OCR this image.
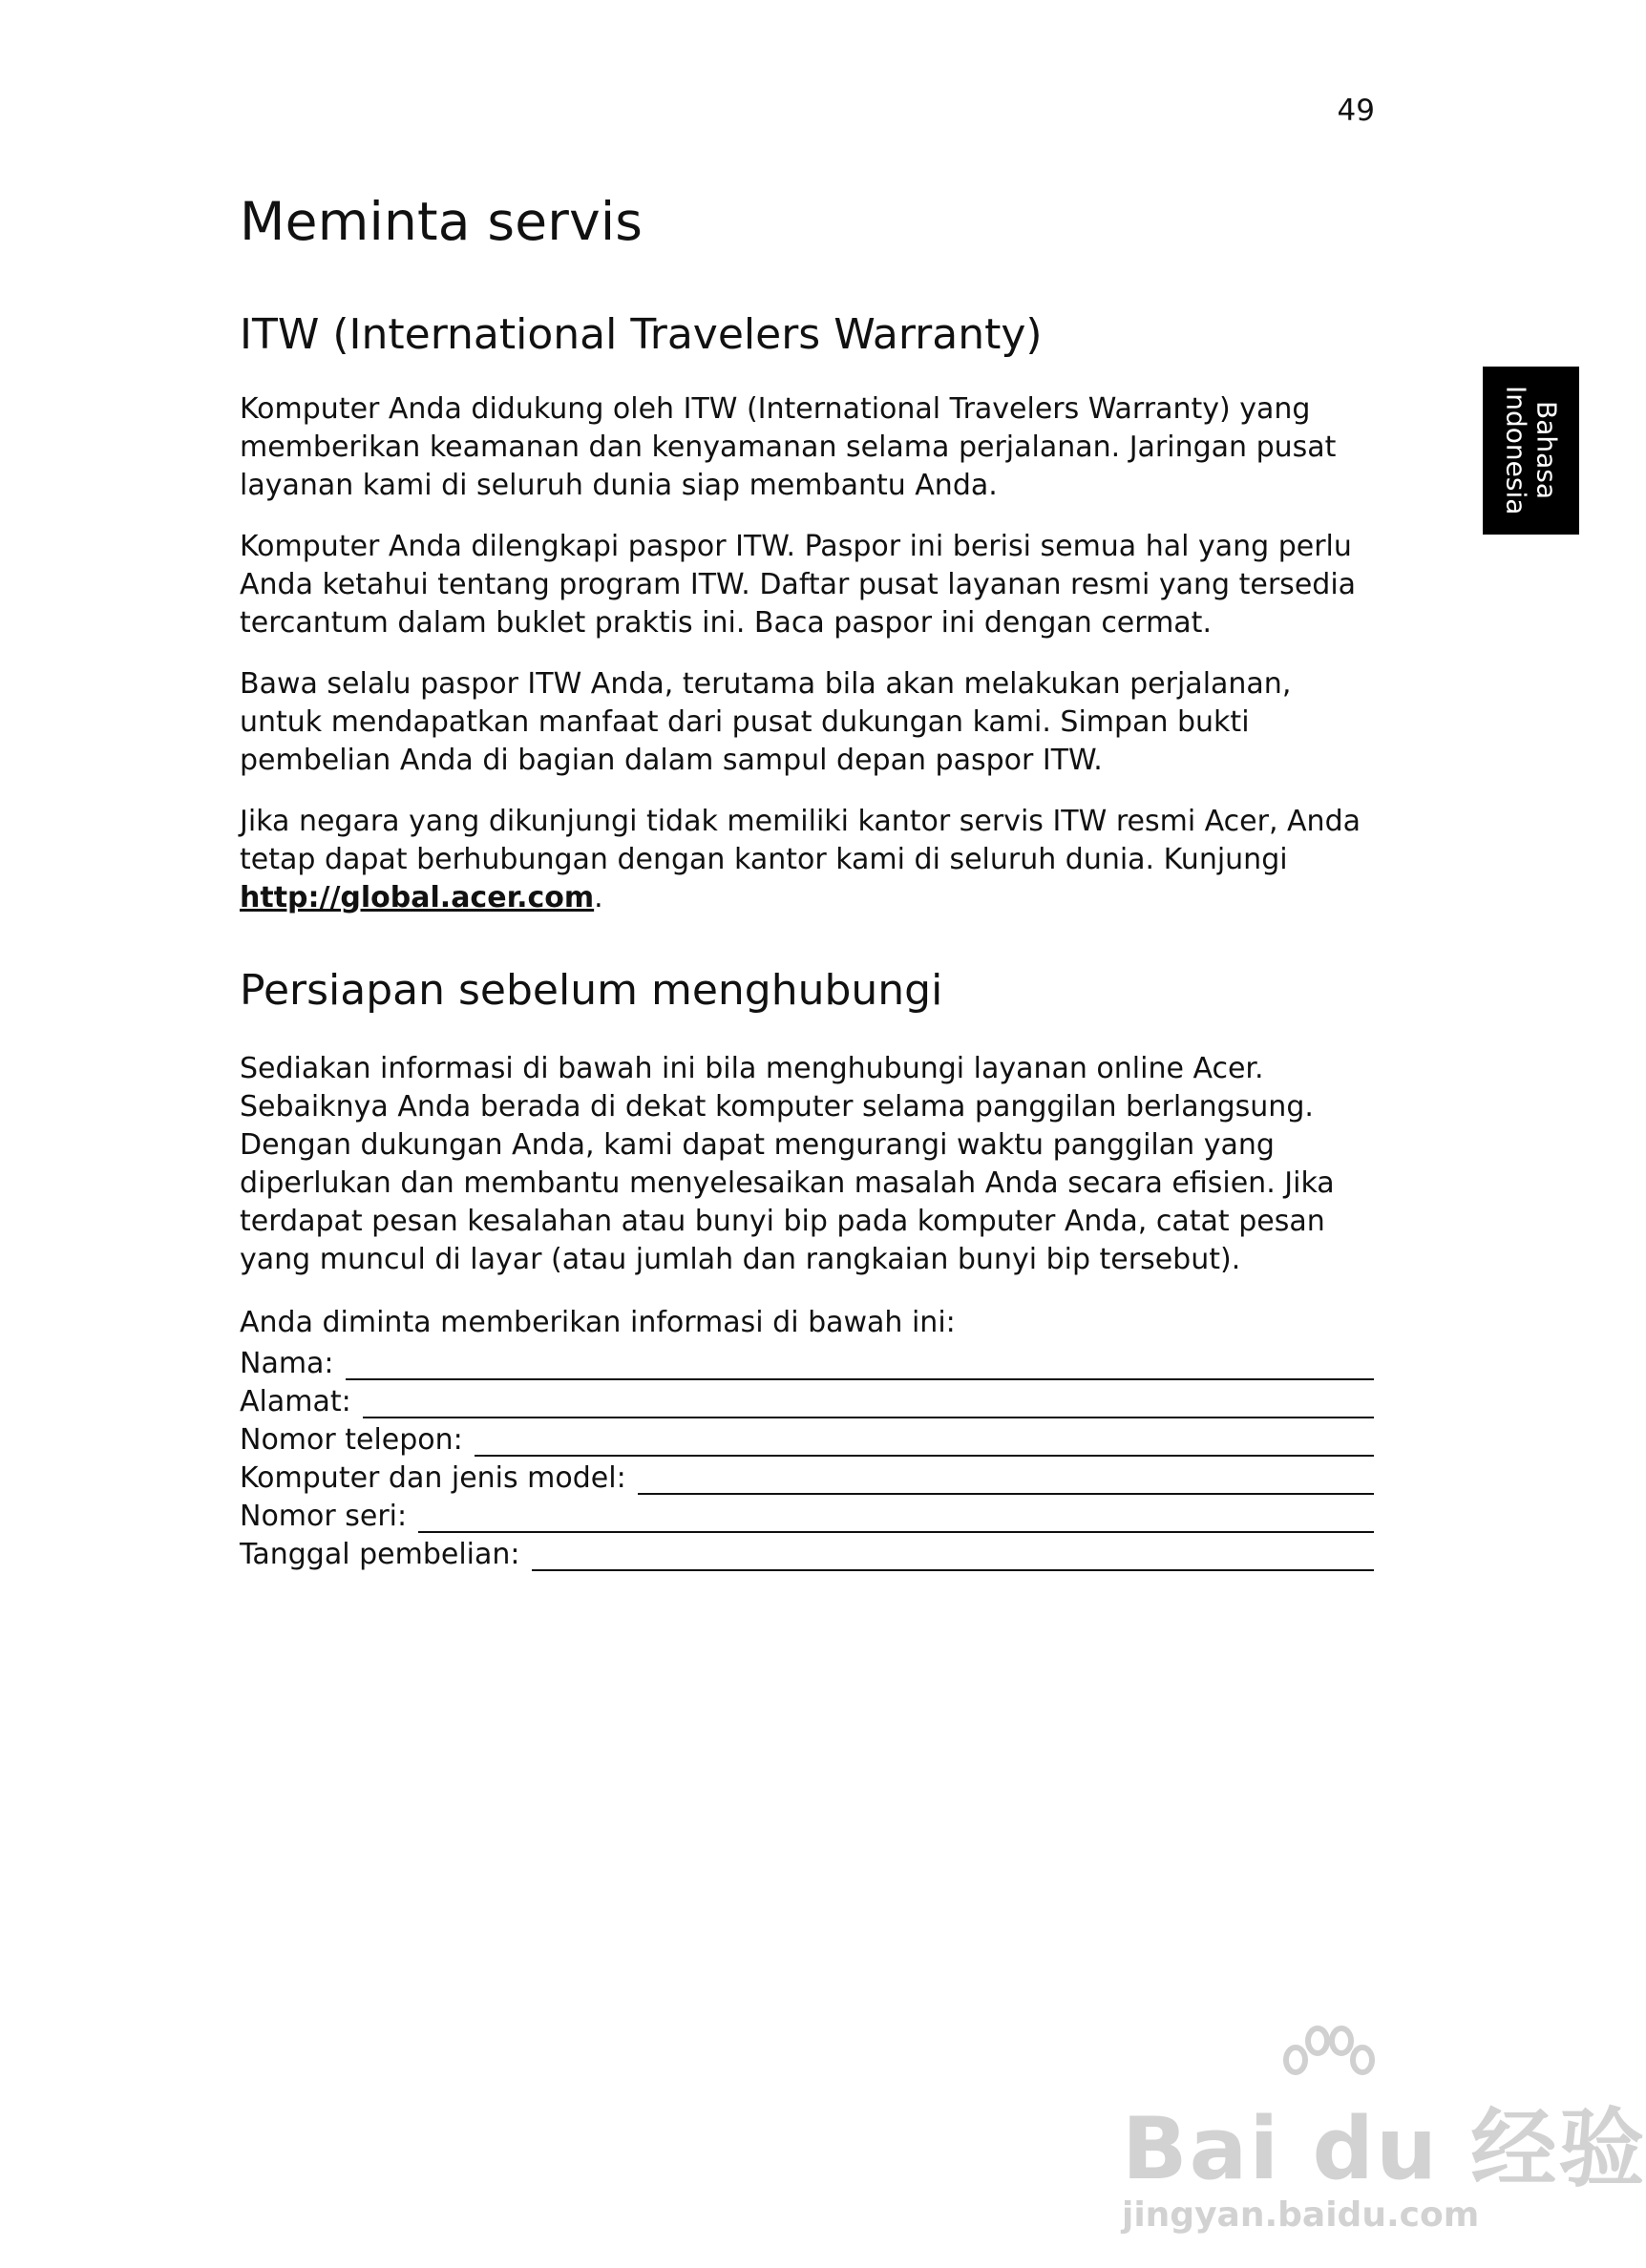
49
Bahasa
Indonesia
Meminta servis
ITW (International Travelers Warranty)

Komputer Anda didukung oleh ITW (International Travelers Warranty) yang memberikan keamanan dan kenyamanan selama perjalanan. Jaringan pusat layanan kami di seluruh dunia siap membantu Anda.

Komputer Anda dilengkapi paspor ITW. Paspor ini berisi semua hal yang perlu Anda ketahui tentang program ITW. Daftar pusat layanan resmi yang tersedia tercantum dalam buklet praktis ini. Baca paspor ini dengan cermat.

Bawa selalu paspor ITW Anda, terutama bila akan melakukan perjalanan, untuk mendapatkan manfaat dari pusat dukungan kami. Simpan bukti pembelian Anda di bagian dalam sampul depan paspor ITW.

Jika negara yang dikunjungi tidak memiliki kantor servis ITW resmi Acer, Anda tetap dapat berhubungan dengan kantor kami di seluruh dunia. Kunjungi http://global.acer.com.

Persiapan sebelum menghubungi

Sediakan informasi di bawah ini bila menghubungi layanan online Acer. Sebaiknya Anda berada di dekat komputer selama panggilan berlangsung. Dengan dukungan Anda, kami dapat mengurangi waktu panggilan yang diperlukan dan membantu menyelesaikan masalah Anda secara efisien. Jika terdapat pesan kesalahan atau bunyi bip pada komputer Anda, catat pesan yang muncul di layar (atau jumlah dan rangkaian bunyi bip tersebut).

Anda diminta memberikan informasi di bawah ini:

Nama:
Alamat:
Nomor telepon:
Komputer dan jenis model:
Nomor seri:
Tanggal pembelian:
Bai du 经验
jingyan.baidu.com
